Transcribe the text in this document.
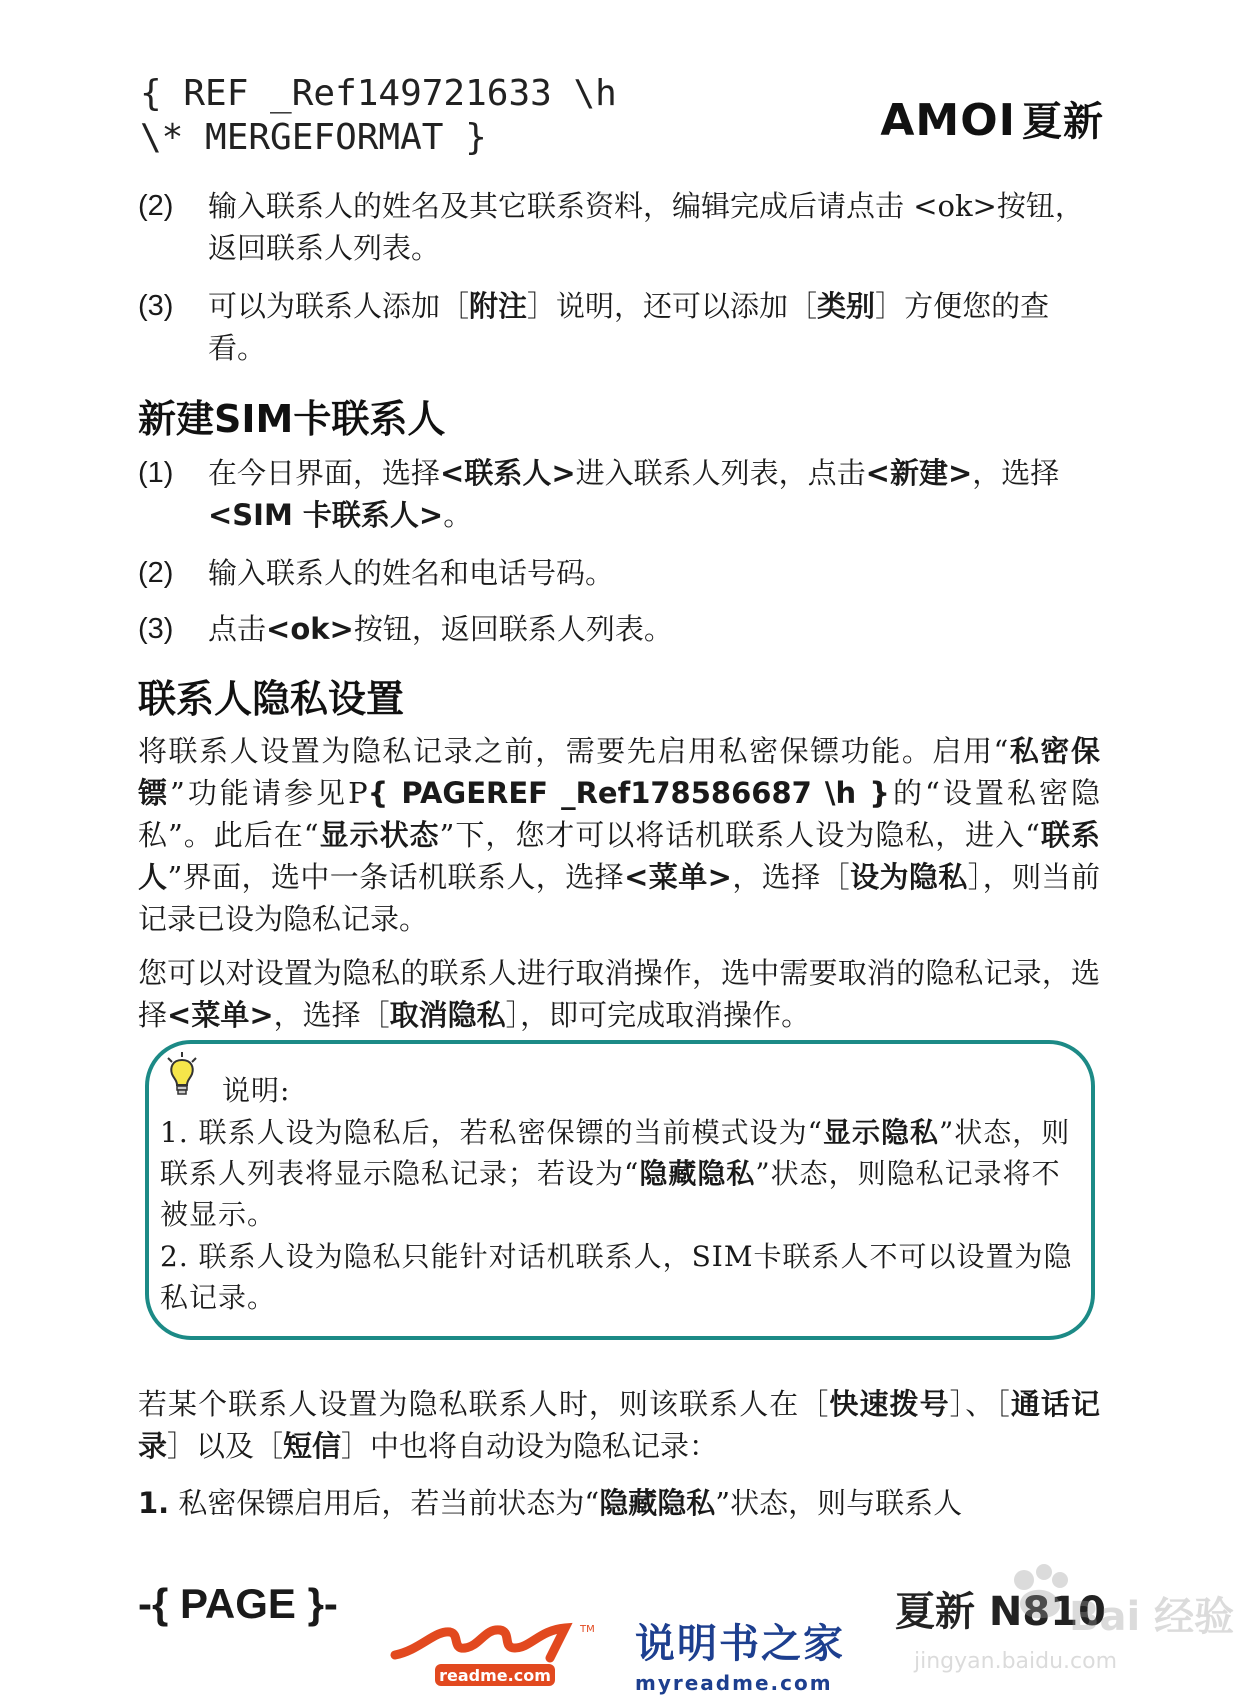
{ REF _Ref149721633 \h
\* MERGEFORMAT }	AMOI 夏新
(2) 输入联系人的姓名及其它联系资料，编辑完成后请点击 <ok>按钮，返回联系人列表。
(3) 可以为联系人添加［附注］说明，还可以添加［类别］方便您的查看。
新建SIM卡联系人
(1) 在今日界面，选择<联系人>进入联系人列表，点击<新建>，选择<SIM 卡联系人>。
(2) 输入联系人的姓名和电话号码。
(3) 点击<ok>按钮，返回联系人列表。
联系人隐私设置
将联系人设置为隐私记录之前，需要先启用私密保镖功能。启用“私密保镖”功能请参见P{ PAGEREF _Ref178586687 \h }的“设置私密隐私”。此后在“显示状态”下，您才可以将话机联系人设为隐私，进入“联系人”界面，选中一条话机联系人，选择<菜单>，选择［设为隐私］，则当前记录已设为隐私记录。
您可以对设置为隐私的联系人进行取消操作，选中需要取消的隐私记录，选择<菜单>，选择［取消隐私］，即可完成取消操作。
说明:
1. 联系人设为隐私后，若私密保镖的当前模式设为“显示隐私”状态，则联系人列表将显示隐私记录；若设为“隐藏隐私”状态，则隐私记录将不被显示。
2. 联系人设为隐私只能针对话机联系人，SIM卡联系人不可以设置为隐私记录。
若某个联系人设置为隐私联系人时，则该联系人在［快速拨号］、［通话记录］以及［短信］中也将自动设为隐私记录：
1. 私密保镖启用后，若当前状态为“隐藏隐私”状态，则与联系人
-{ PAGE }-	夏新 N810
TM
readme.com
说明书之家
myreadme.com
Bai 经验
jingyan.baidu.com
